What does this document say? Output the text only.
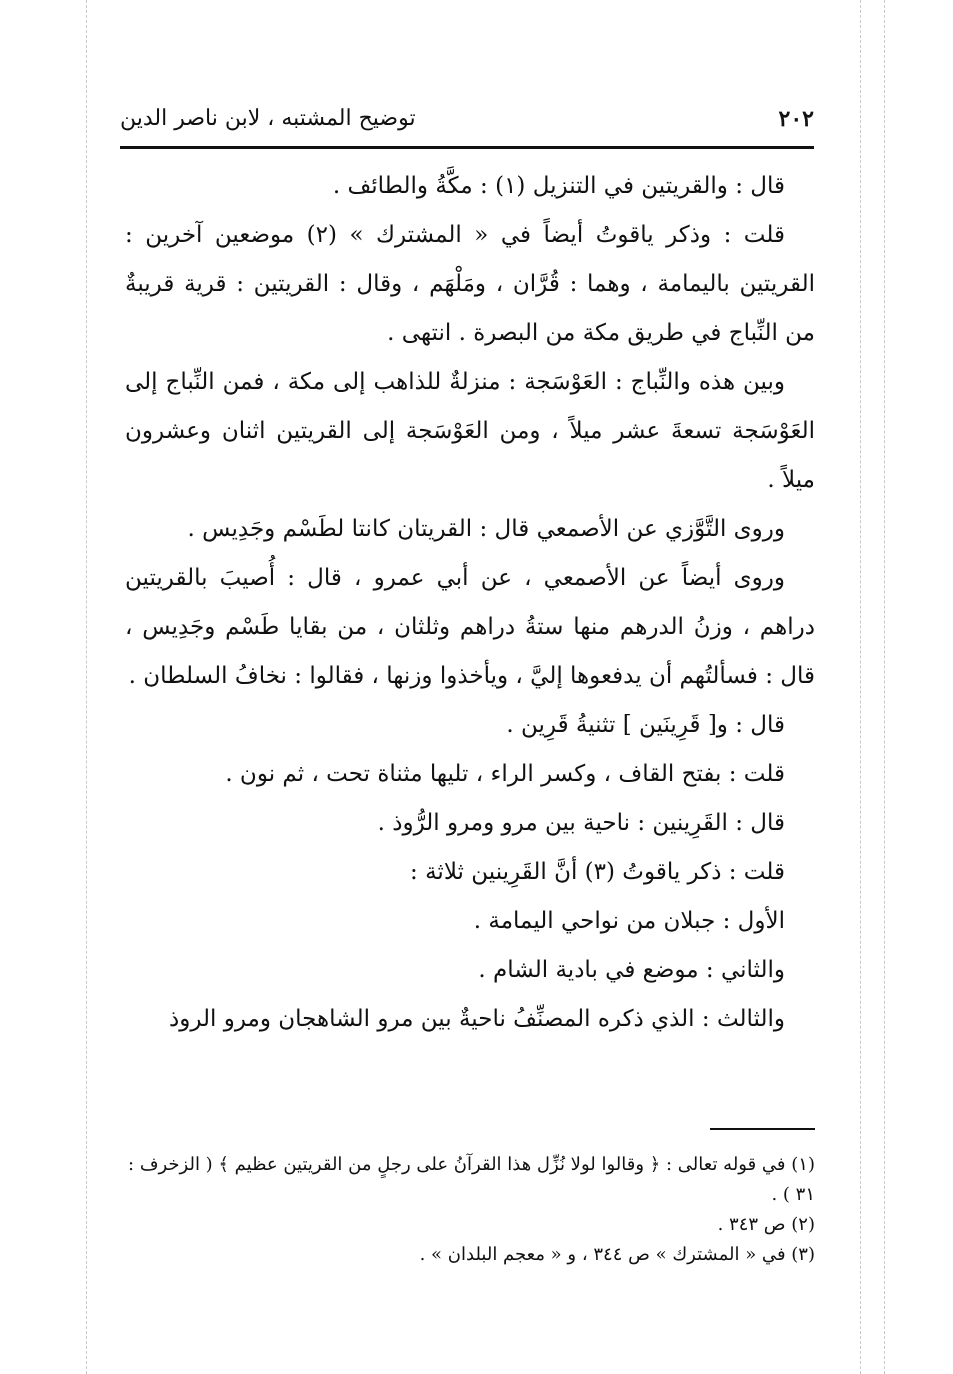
٢٠٢
توضيح المشتبه ، لابن ناصر الدين

قال : والقريتين في التنزيل (١) : مكَّةُ والطائف .

قلت : وذكر ياقوتُ أيضاً في « المشترك » (٢) موضعين آخرين : القريتين باليمامة ، وهما : قُرَّان ، ومَلْهَم ، وقال : القريتين : قرية قريبةٌ من النِّباج في طريق مكة من البصرة . انتهى .

وبين هذه والنِّباج : العَوْسَجة : منزلةٌ للذاهب إلى مكة ، فمن النِّباج إلى العَوْسَجة تسعةَ عشر ميلاً ، ومن العَوْسَجة إلى القريتين اثنان وعشرون ميلاً .

وروى التَّوَّزي عن الأصمعي قال : القريتان كانتا لطَسْم وجَدِيس .

وروى أيضاً عن الأصمعي ، عن أبي عمرو ، قال : أُصيبَ بالقريتين دراهم ، وزنُ الدرهم منها ستةُ دراهم وثلثان ، من بقايا طَسْم وجَدِيس ، قال : فسألتُهم أن يدفعوها إليَّ ، ويأخذوا وزنها ، فقالوا : نخافُ السلطان .

قال : و[ قَرِينَين ] تثنيةُ قَرِين .

قلت : بفتح القاف ، وكسر الراء ، تليها مثناة تحت ، ثم نون .

قال : القَرِينين : ناحية بين مرو ومرو الرُّوذ .

قلت : ذكر ياقوتُ (٣) أنَّ القَرِينين ثلاثة :

الأول : جبلان من نواحي اليمامة .

والثاني : موضع في بادية الشام .

والثالث : الذي ذكره المصنِّفُ ناحيةٌ بين مرو الشاهجان ومرو الروذ

(١) في قوله تعالى : ﴿ وقالوا لولا نُزِّل هذا القرآنُ على رجلٍ من القريتين عظيم ﴾ ( الزخرف : ٣١ ) .

(٢) ص ٣٤٣ .

(٣) في « المشترك » ص ٣٤٤ ، و « معجم البلدان » .
